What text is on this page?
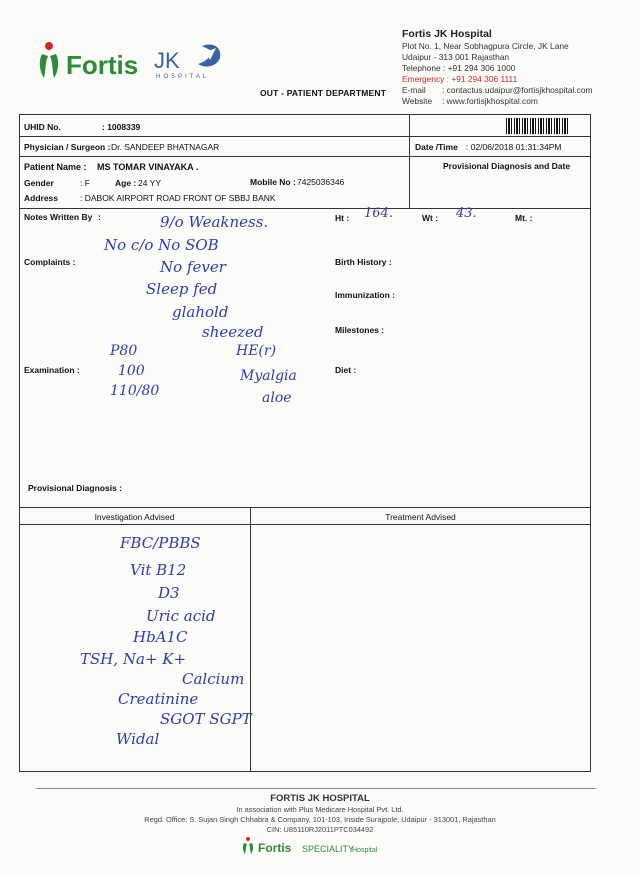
Fortis JK
HOSPITAL
OUT - PATIENT DEPARTMENT
Fortis JK Hospital
Plot No. 1, Near Sobhagpura Circle, JK Lane
Udaipur - 313 001 Rajasthan
Telephone : +91 294 306 1000
Emergency : +91 294 306 1111
E-mail	: contactus.udaipur@fortisjkhospital.com
Website	: www.fortisjkhospital.com
UHID No.	: 1008339
Physician / Surgeon : Dr. SANDEEP BHATNAGAR	Date /Time : 02/06/2018 01:31:34PM
Patient Name : MS TOMAR VINAYAKA .	Provisional Diagnosis and Date
Gender	: F	Age : 24 YY	Mobile No : 7425036346
Address	: DABOK AIRPORT ROAD FRONT OF SBBJ BANK
Notes Written By :	Ht : 164.	Wt : 43.	Mt. :
Complaints :	Birth History :
Immunization :
Milestones :
Examination :	Diet :
Provisional Diagnosis :
9/o Weakness.
No c/o No SOB
No fever
Sleep fed
glahold
sheezed
P80	HE(r)
100
110/80
Myalgia
aloe
Investigation Advised	Treatment Advised
FBC/PBBS
Vit B12
D3
Uric acid
HbA1C
TSH, Na+ K+
Calcium
Creatinine
SGOT SGPT
Widal
FORTIS JK HOSPITAL
In association with Plus Medicare Hospital Pvt. Ltd.
Regd. Office: S. Sujan Singh Chhabra & Company, 101-103, Inside Surajpole, Udaipur - 313001, Rajasthan
CIN: U85110RJ2011PTC034492
Fortis SPECIALITY
Hospital
